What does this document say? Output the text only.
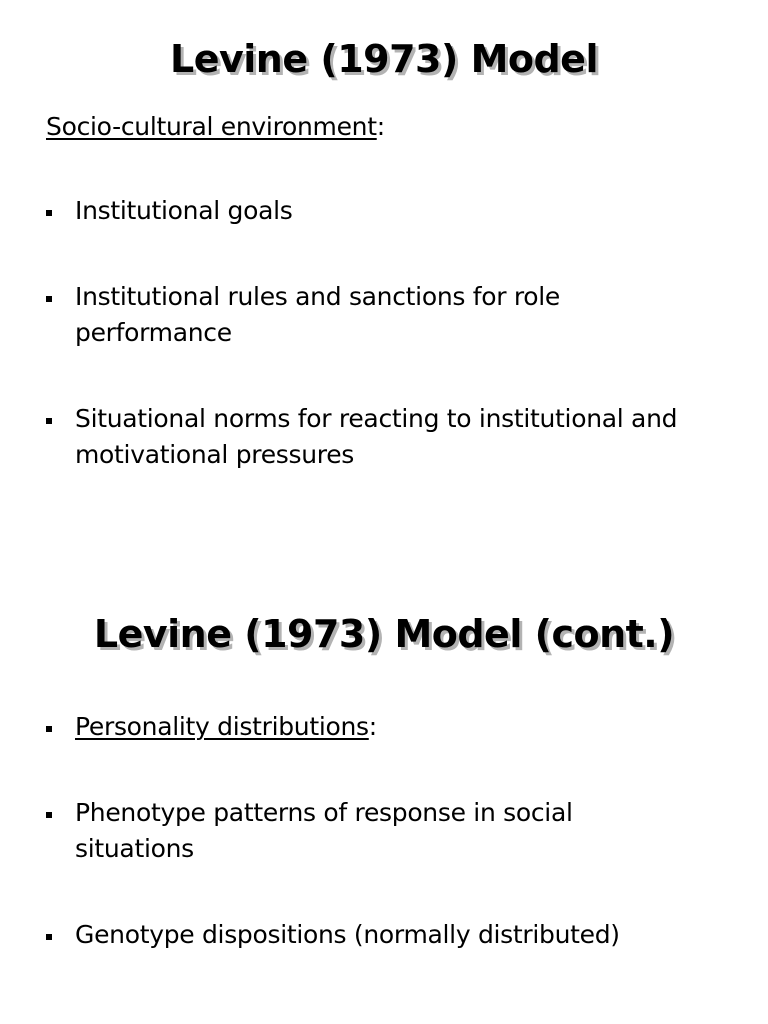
Levine (1973) Model

Socio-cultural environment:

Institutional goals

Institutional rules and sanctions for role performance

Situational norms for reacting to institutional and motivational pressures

Levine (1973) Model (cont.)

Personality distributions:

Phenotype patterns of response in social situations

Genotype dispositions (normally distributed)
